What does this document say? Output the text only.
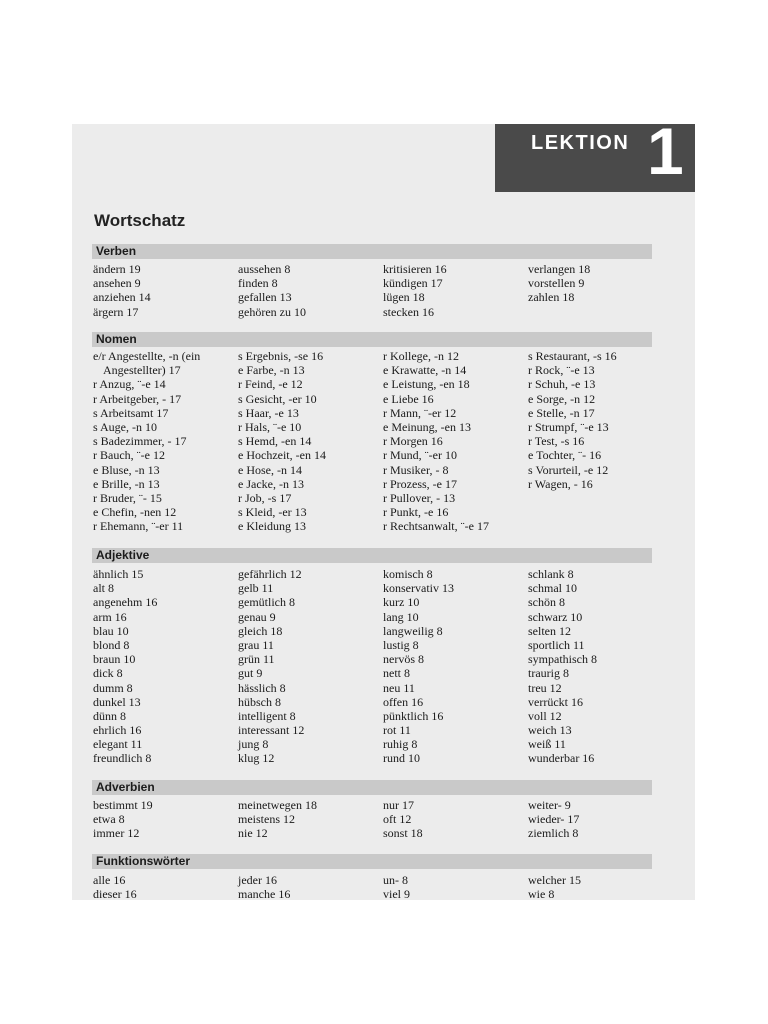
LEKTION 1
Wortschatz
Verben
ändern 19
ansehen 9
anziehen 14
ärgern 17
aussehen 8
finden 8
gefallen 13
gehören zu 10
kritisieren 16
kündigen 17
lügen 18
stecken 16
verlangen 18
vorstellen 9
zahlen 18
Nomen
e/r Angestellte, -n (ein
Angestellter) 17
r Anzug, ¨-e 14
r Arbeitgeber, - 17
s Arbeitsamt 17
s Auge, -n 10
s Badezimmer, - 17
r Bauch, ¨-e 12
e Bluse, -n 13
e Brille, -n 13
r Bruder, ¨- 15
e Chefin, -nen 12
r Ehemann, ¨-er 11
s Ergebnis, -se 16
e Farbe, -n 13
r Feind, -e 12
s Gesicht, -er 10
s Haar, -e 13
r Hals, ¨-e 10
s Hemd, -en 14
e Hochzeit, -en 14
e Hose, -n 14
e Jacke, -n 13
r Job, -s 17
s Kleid, -er 13
e Kleidung 13
r Kollege, -n 12
e Krawatte, -n 14
e Leistung, -en 18
e Liebe 16
r Mann, ¨-er 12
e Meinung, -en 13
r Morgen 16
r Mund, ¨-er 10
r Musiker, - 8
r Prozess, -e 17
r Pullover, - 13
r Punkt, -e 16
r Rechtsanwalt, ¨-e 17
s Restaurant, -s 16
r Rock, ¨-e 13
r Schuh, -e 13
e Sorge, -n 12
e Stelle, -n 17
r Strumpf, ¨-e 13
r Test, -s 16
e Tochter, ¨- 16
s Vorurteil, -e 12
r Wagen, - 16
Adjektive
ähnlich 15
alt 8
angenehm 16
arm 16
blau 10
blond 8
braun 10
dick 8
dumm 8
dunkel 13
dünn 8
ehrlich 16
elegant 11
freundlich 8
gefährlich 12
gelb 11
gemütlich 8
genau 9
gleich 18
grau 11
grün 11
gut 9
hässlich 8
hübsch 8
intelligent 8
interessant 12
jung 8
klug 12
komisch 8
konservativ 13
kurz 10
lang 10
langweilig 8
lustig 8
nervös 8
nett 8
neu 11
offen 16
pünktlich 16
rot 11
ruhig 8
rund 10
schlank 8
schmal 10
schön 8
schwarz 10
selten 12
sportlich 11
sympathisch 8
traurig 8
treu 12
verrückt 16
voll 12
weich 13
weiß 11
wunderbar 16
Adverbien
bestimmt 19
etwa 8
immer 12
meinetwegen 18
meistens 12
nie 12
nur 17
oft 12
sonst 18
weiter- 9
wieder- 17
ziemlich 8
Funktionswörter
alle 16
dieser 16
jeder 16
manche 16
un- 8
viel 9
welcher 15
wie 8
